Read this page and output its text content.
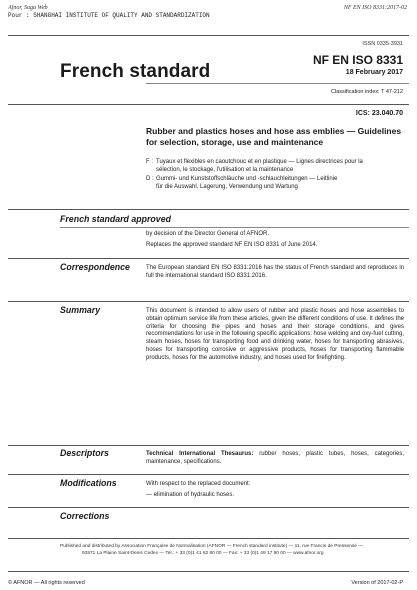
Afnor, Saga Web
Pour : SHANGHAI INSTITUTE OF QUALITY AND STANDARDIZATION
NF EN ISO 8331:2017-02
ISSN 0335-3931
French standard
NF EN ISO 8331
18 February 2017
Classification index: T 47-212
ICS: 23.040.70
Rubber and plastics hoses and hose ass emblies — Guidelines for selection, storage, use and maintenance
F : Tuyaux et flexibles en caoutchouc et en plastique — Lignes directrices pour la
sélection, le stockage, l'utilisation et la maintenance
D : Gummi- und Kunststoffschläuche und -schlauchleitungen — Leitlinie
für die Auswahl, Lagerung, Verwendung und Wartung
French standard approved
by decision of the Director General of AFNOR.
Replaces the approved standard NF EN ISO 8331 of June 2014.
Correspondence	The European standard EN ISO 8331:2016 has the status of French standard and reproduces in full the international standard ISO 8331:2016.
Summary	This document is intended to allow users of rubber and plastic hoses and hose assemblies to obtain optimum service life from these articles, given the different conditions of use. It defines the criteria for choosing the pipes and hoses and their storage conditions, and gives recommendations for use in the following specific applications: hose welding and oxy-fuel cutting, steam hoses, hoses for transporting food and drinking water, hoses for transporting abrasives, hoses for transporting corrosive or aggressive products, hoses for transporting flammable products, hoses for the automotive industry, and hoses used for firefighting.
Descriptors	Technical International Thesaurus: rubber hoses, plastic tubes, hoses, categories, maintenance, specifications.
Modifications	With respect to the replaced document:
— elimination of hydraulic hoses.
Corrections
Published and distributed by Association Française de Normalisation (AFNOR — French standard institute) — 11, rue Francis de Pressensé —
93571 La Plaine Saint-Denis Cedex — Tel.: + 33 (0)1 41 62 80 00 — Fax: + 33 (0)1 49 17 90 00 — www.afnor.org
© AFNOR — All rights reserved	Version of 2017-02-P
